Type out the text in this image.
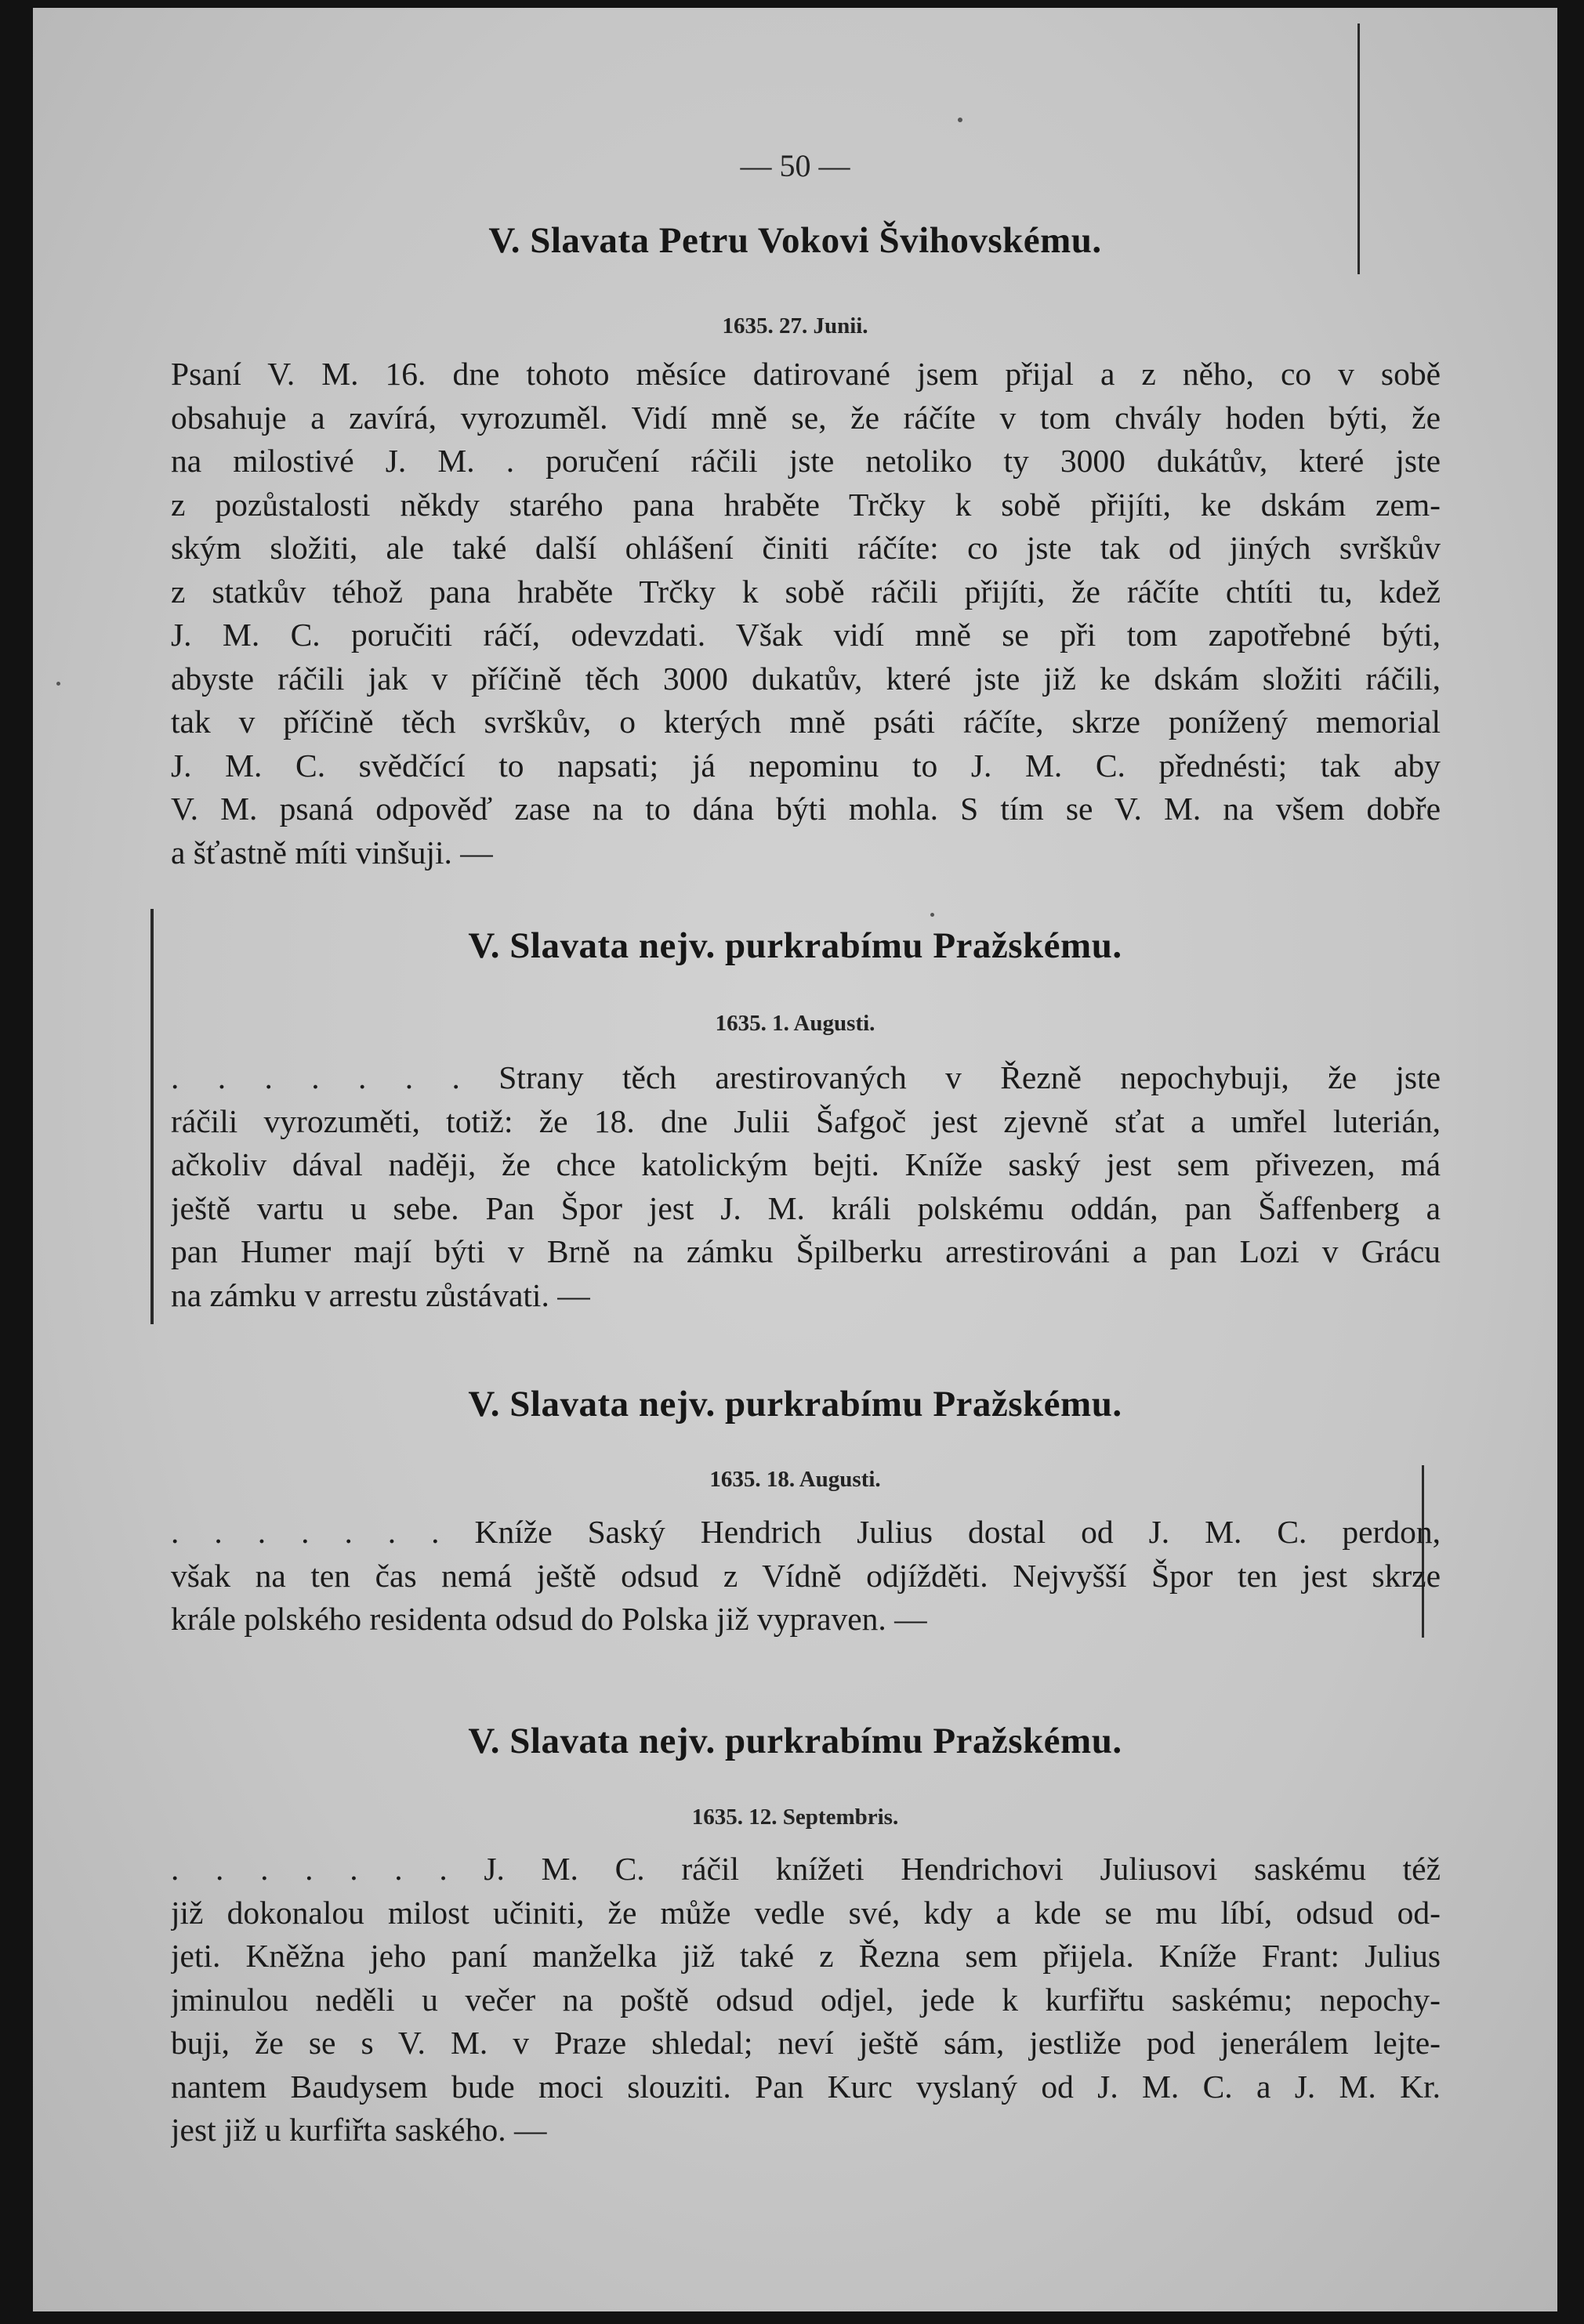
— 50 —
V. Slavata Petru Vokovi Švihovskému.
1635. 27. Junii.
Psaní V. M. 16. dne tohoto měsíce datirované jsem přijal a z něho, co v sobě
obsahuje a zavírá, vyrozuměl. Vidí mně se, že ráčíte v tom chvály hoden býti, že
na milostivé J. M. . poručení ráčili jste netoliko ty 3000 dukátův, které jste
z pozůstalosti někdy starého pana hraběte Trčky k sobě přijíti, ke dskám zem-
ským složiti, ale také další ohlášení činiti ráčíte: co jste tak od jiných svrškův
z statkův téhož pana hraběte Trčky k sobě ráčili přijíti, že ráčíte chtíti tu, kdež
J. M. C. poručiti ráčí, odevzdati. Však vidí mně se při tom zapotřebné býti,
abyste ráčili jak v příčině těch 3000 dukatův, které jste již ke dskám složiti ráčili,
tak v příčině těch svrškův, o kterých mně psáti ráčíte, skrze ponížený memorial
J. M. C. svědčící to napsati; já nepominu to J. M. C. přednésti; tak aby
V. M. psaná odpověď zase na to dána býti mohla. S tím se V. M. na všem dobře
a šťastně míti vinšuji. —
V. Slavata nejv. purkrabímu Pražskému.
1635. 1. Augusti.
. . . . . . . Strany těch arestirovaných v Řezně nepochybuji, že jste
ráčili vyrozuměti, totiž: že 18. dne Julii Šafgoč jest zjevně sťat a umřel luterián,
ačkoliv dával naději, že chce katolickým bejti. Kníže saský jest sem přivezen, má
ještě vartu u sebe. Pan Špor jest J. M. králi polskému oddán, pan Šaffenberg a
pan Humer mají býti v Brně na zámku Špilberku arrestirováni a pan Lozi v Grácu
na zámku v arrestu zůstávati. —
V. Slavata nejv. purkrabímu Pražskému.
1635. 18. Augusti.
. . . . . . . Kníže Saský Hendrich Julius dostal od J. M. C. perdon,
však na ten čas nemá ještě odsud z Vídně odjížděti. Nejvyšší Špor ten jest skrze
krále polského residenta odsud do Polska již vypraven. —
V. Slavata nejv. purkrabímu Pražskému.
1635. 12. Septembris.
. . . . . . . J. M. C. ráčil knížeti Hendrichovi Juliusovi saskému též
již dokonalou milost učiniti, že může vedle své, kdy a kde se mu líbí, odsud od-
jeti. Kněžna jeho paní manželka již také z Řezna sem přijela. Kníže Frant: Julius
jminulou neděli u večer na poště odsud odjel, jede k kurfiřtu saskému; nepochy-
buji, že se s V. M. v Praze shledal; neví ještě sám, jestliže pod jenerálem lejte-
nantem Baudysem bude moci slouziti. Pan Kurc vyslaný od J. M. C. a J. M. Kr.
jest již u kurfiřta saského. —
